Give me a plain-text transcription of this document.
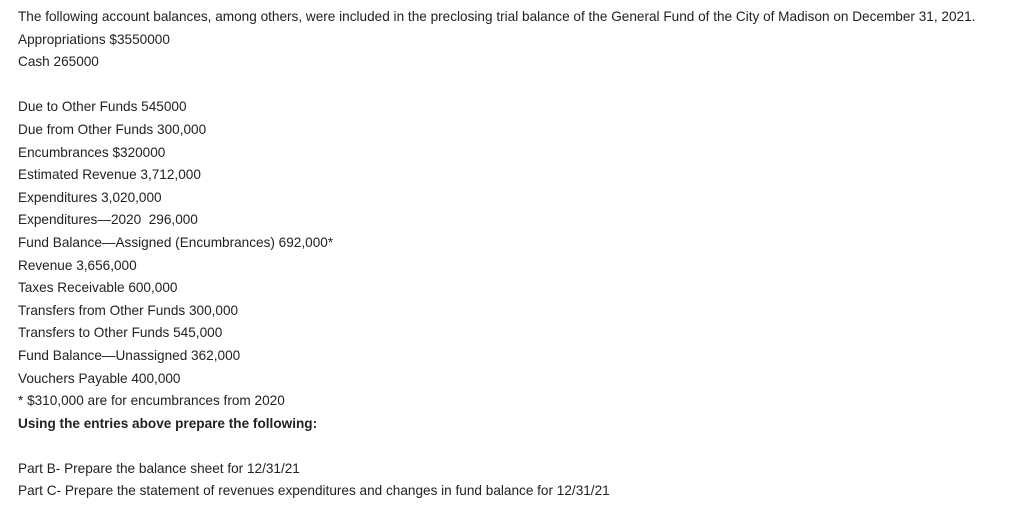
The following account balances, among others, were included in the preclosing trial balance of the General Fund of the City of Madison on December 31, 2021.

Appropriations $3550000

Cash 265000

Due to Other Funds 545000

Due from Other Funds 300,000

Encumbrances $320000

Estimated Revenue 3,712,000

Expenditures 3,020,000

Expenditures—2020  296,000

Fund Balance—Assigned (Encumbrances) 692,000*

Revenue 3,656,000

Taxes Receivable 600,000

Transfers from Other Funds 300,000

Transfers to Other Funds 545,000

Fund Balance—Unassigned 362,000

Vouchers Payable 400,000

* $310,000 are for encumbrances from 2020

Using the entries above prepare the following:

Part B- Prepare the balance sheet for 12/31/21

Part C- Prepare the statement of revenues expenditures and changes in fund balance for 12/31/21
